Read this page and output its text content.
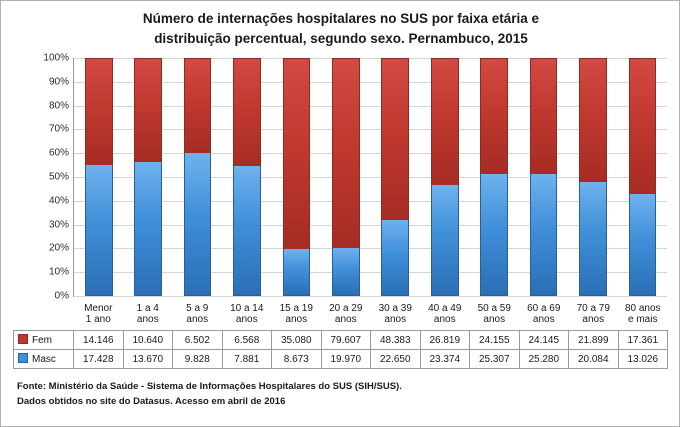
Número de internações hospitalares no SUS por faixa etária e
distribuição percentual, segundo sexo. Pernambuco, 2015
100%
90%
80%
70%
60%
50%
40%
30%
20%
10%
0%

Menor
1 ano

1 a 4
anos

5 a 9
anos

10 a 14
anos

15 a 19
anos

20 a 29
anos

30 a 39
anos

40 a 49
anos

50 a 59
anos

60 a 69
anos

70 a 79
anos

80 anos
e mais

Fem	14.146	10.640	6.502	6.568	35.080	79.607	48.383	26.819	24.155	24.145	21.899	17.361
Masc	17.428	13.670	9.828	7.881	8.673	19.970	22.650	23.374	25.307	25.280	20.084	13.026
Fonte: Ministério da Saúde - Sistema de Informações Hospitalares do SUS (SIH/SUS).
Dados obtidos no site do Datasus. Acesso em abril de 2016
